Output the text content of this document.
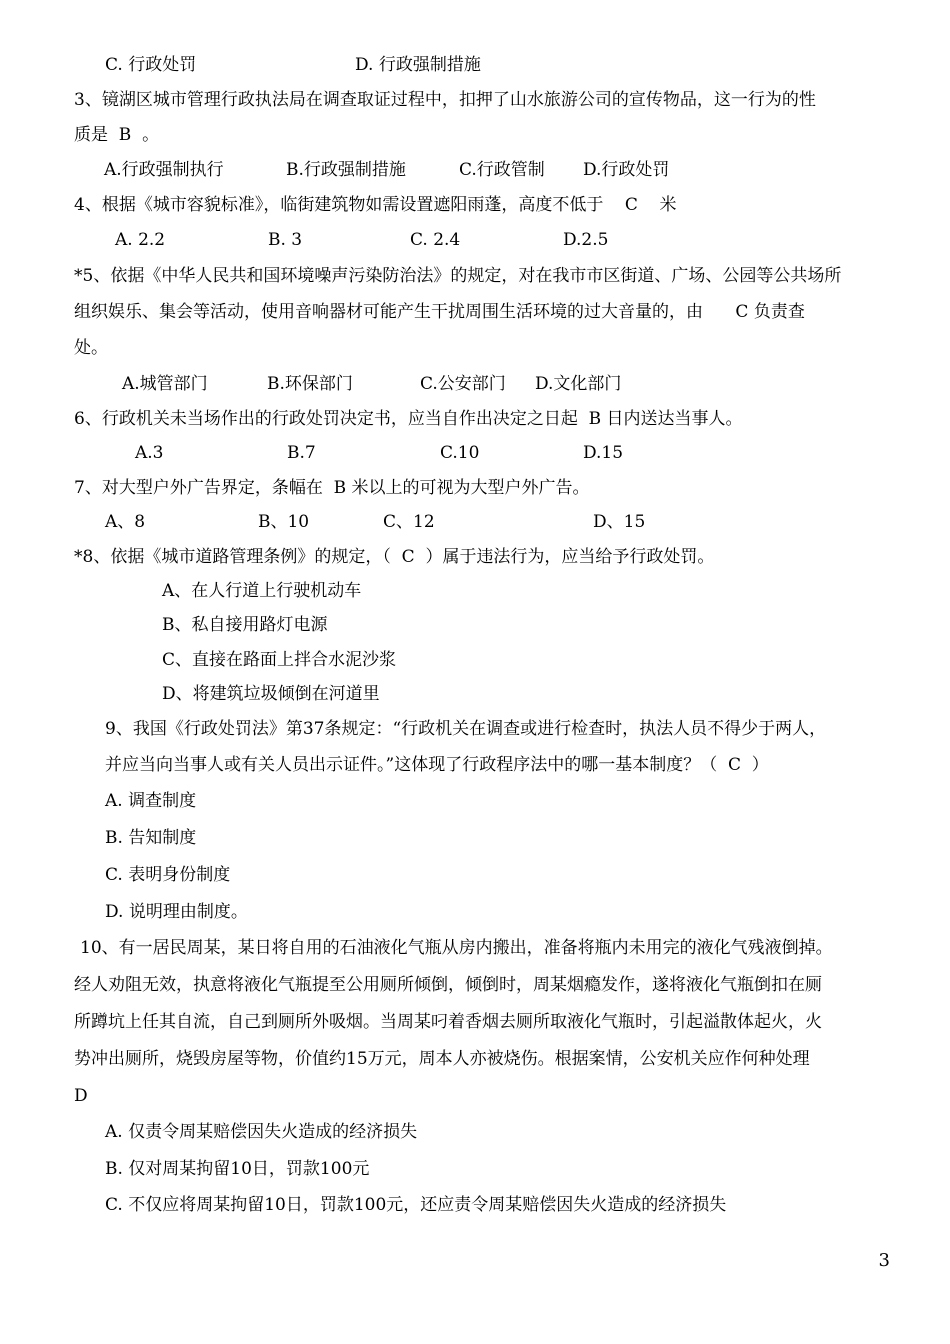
C. 行政处罚	D. 行政强制措施
3、镜湖区城市管理行政执法局在调查取证过程中，扣押了山水旅游公司的宣传物品，这一行为的性
质是  B  。
A.行政强制执行	B.行政强制措施	C.行政管制 D.行政处罚
4、根据《城市容貌标准》，临街建筑物如需设置遮阳雨蓬，高度不低于    C    米
A. 2.2	B. 3	C. 2.4	D.2.5
*5、依据《中华人民共和国环境噪声污染防治法》的规定，对在我市市区街道、广场、公园等公共场所
组织娱乐、集会等活动，使用音响器材可能产生干扰周围生活环境的过大音量的，由      C 负责查
处。
A.城管部门	B.环保部门	C.公安部门 D.文化部门
6、行政机关未当场作出的行政处罚决定书，应当自作出决定之日起  B 日内送达当事人。
A.3	B.7	C.10	D.15
7、对大型户外广告界定，条幅在  B 米以上的可视为大型户外广告。
A、8	B、10	C、12	D、15
*8、依据《城市道路管理条例》的规定，（  C  ）属于违法行为，应当给予行政处罚。
A、在人行道上行驶机动车
B、私自接用路灯电源
C、直接在路面上拌合水泥沙浆
D、将建筑垃圾倾倒在河道里
9、我国《行政处罚法》第37条规定：“行政机关在调查或进行检查时，执法人员不得少于两人，
并应当向当事人或有关人员出示证件。”这体现了行政程序法中的哪一基本制度？（  C  ）
A. 调查制度
B. 告知制度
C. 表明身份制度
D. 说明理由制度。
10、有一居民周某，某日将自用的石油液化气瓶从房内搬出，准备将瓶内未用完的液化气残液倒掉。
经人劝阻无效，执意将液化气瓶提至公用厕所倾倒，倾倒时，周某烟瘾发作，遂将液化气瓶倒扣在厕
所蹲坑上任其自流，自己到厕所外吸烟。当周某叼着香烟去厕所取液化气瓶时，引起溢散体起火，火
势冲出厕所，烧毁房屋等物，价值约15万元，周本人亦被烧伤。根据案情，公安机关应作何种处理
D
A. 仅责令周某赔偿因失火造成的经济损失
B. 仅对周某拘留10日，罚款100元
C. 不仅应将周某拘留10日，罚款100元，还应责令周某赔偿因失火造成的经济损失
3
